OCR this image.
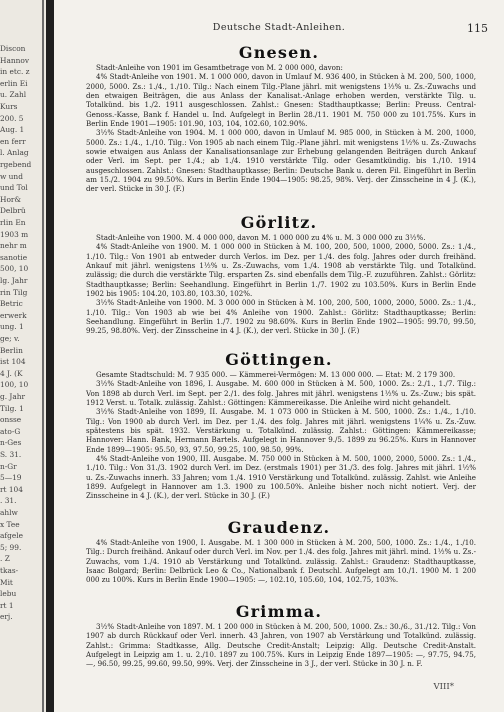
Discon
Hannov
in etc. z
erlin Ei
u. Zahl
Kurs
200. 5
Aug. 1
en ferr
l. Anlag
rgebend
w und
und Tol
Hor&
Delbrü
rlin En
1903 m
nehr m
sanotie
500, 10
lg. Jahr
rin Tilg
Betric
erwerk
ung. 1
ge; v.
Berlin
ist 104
4 J. (K
100, 10
g. Jahr
Tilg. 1
onsse
ato-G
n-Ges
S. 31.
n-Gr
5—19
rt 104
. 31.
ahlw
x Tee
afgele
5; 99.
. Z
tkas-
Mit
lebu
rt 1
erj.
Deutsche Stadt-Anleihen.	115
Gnesen.

Stadt-Anleihe von 1901 im Gesamtbetrage von M. 2 000 000, davon:

4% Stadt-Anleihe von 1901. M. 1 000 000, davon in Umlauf M. 936 400, in Stücken à M. 200, 500, 1000, 2000, 5000. Zs.: 1./4., 1./10. Tilg.: Nach einem Tilg.-Plane jährl. mit wenigstens 1½% u. Zs.-Zuwachs und den etwaigen Beiträgen, die aus Anlass der Kanalisat.-Anlage erhoben werden, verstärkte Tilg. u. Totalkünd. bis 1./2. 1911 ausgeschlossen. Zahlst.: Gnesen: Stadthauptkasse; Berlin: Preuss. Central-Genoss.-Kasse, Bank f. Handel u. Ind. Aufgelegt in Berlin 28./11. 1901 M. 750 000 zu 101.75%. Kurs in Berlin Ende 1901—1905: 101.90, 103, 104, 102.60, 102.90%.

3½% Stadt-Anleihe von 1904. M. 1 000 000, davon in Umlauf M. 985 000, in Stücken à M. 200, 1000, 5000. Zs.: 1./4., 1./10. Tilg.: Von 1905 ab nach einem Tilg.-Plane jährl. mit wenigstens 1½% u. Zs.-Zuwachs sowie etwaigen aus Anlass der Kanalisationsanlage zur Erhebung gelangenden Beiträgen durch Ankauf oder Verl. im Sept. per 1./4.; ab 1./4. 1910 verstärkte Tilg. oder Gesamtkündig. bis 1./10. 1914 ausgeschlossen. Zahlst.: Gnesen: Stadthauptkasse; Berlin: Deutsche Bank u. deren Fil. Eingeführt in Berlin am 15./2. 1904 zu 99.50%. Kurs in Berlin Ende 1904—1905: 98.25, 98%. Verj. der Zinsscheine in 4 J. (K.), der verl. Stücke in 30 J. (F.)

Görlitz.

Stadt-Anleihe von 1900. M. 4 000 000, davon M. 1 000 000 zu 4% u. M. 3 000 000 zu 3½%.

4% Stadt-Anleihe von 1900. M. 1 000 000 in Stücken à M. 100, 200, 500, 1000, 2000, 5000. Zs.: 1./4., 1./10. Tilg.: Von 1901 ab entweder durch Verlos. im Dez. per 1./4. des folg. Jahres oder durch freihänd. Ankauf mit jährl. wenigstens 1½% u. Zs.-Zuwachs, vom 1./4. 1908 ab verstärkte Tilg. und Totalkünd. zulässig; die durch die verstärkte Tilg. ersparten Zs. sind ebenfalls dem Tilg.-F. zuzuführen. Zahlst.: Görlitz: Stadthauptkasse; Berlin: Seehandlung. Eingeführt in Berlin 1./7. 1902 zu 103.50%. Kurs in Berlin Ende 1902 bis 1905: 104.20, 103.80, 103.30, 102%.

3½% Stadt-Anleihe von 1900. M. 3 000 000 in Stücken à M. 100, 200, 500, 1000, 2000, 5000. Zs.: 1./4., 1./10. Tilg.: Von 1903 ab wie bei 4% Anleihe von 1900. Zahlst.: Görlitz: Stadthauptkasse; Berlin: Seehandlung. Eingeführt in Berlin 1./7. 1902 zu 98.60%. Kurs in Berlin Ende 1902—1905: 99.70, 99.50, 99.25, 98.80%. Verj. der Zinsscheine in 4 J. (K.), der verl. Stücke in 30 J. (F.)

Göttingen.

Gesamte Stadtschuld: M. 7 935 000. — Kämmerei-Vermögen: M. 13 000 000. — Etat: M. 2 179 300.

3½% Stadt-Anleihe von 1896, I. Ausgabe. M. 600 000 in Stücken à M. 500, 1000. Zs.: 2./1., 1./7. Tilg.: Von 1898 ab durch Verl. im Sept. per 2./1. des folg. Jahres mit jährl. wenigstens 1½% u. Zs.-Zuw.; bis spät. 1912 Verst. u. Totalk. zulässig. Zahlst.: Göttingen: Kämmereikasse. Die Anleihe wird nicht gehandelt.

3½% Stadt-Anleihe von 1899, II. Ausgabe. M. 1 073 000 in Stücken à M. 500, 1000. Zs.: 1./4., 1./10. Tilg.: Von 1900 ab durch Verl. im Dez. per 1./4. des folg. Jahres mit jährl. wenigstens 1¼% u. Zs.-Zuw. spätestens bis spät. 1932. Verstärkung u. Totalkünd. zulässig. Zahlst.: Göttingen: Kämmereikasse; Hannover: Hann. Bank, Hermann Bartels. Aufgelegt in Hannover 9./5. 1899 zu 96.25%. Kurs in Hannover Ende 1899—1905: 95.50, 93, 97.50, 99.25, 100, 98.50, 99%.

4% Stadt-Anleihe von 1900, III. Ausgabe. M. 750 000 in Stücken à M. 500, 1000, 2000, 5000. Zs.: 1./4., 1./10. Tilg.: Von 31./3. 1902 durch Verl. im Dez. (erstmals 1901) per 31./3. des folg. Jahres mit jährl. 1½% u. Zs.-Zuwachs innerh. 33 Jahren; vom 1./4. 1910 Verstärkung und Totalkünd. zulässig. Zahlst. wie Anleihe 1899. Aufgelegt in Hannover am 1.3. 1900 zu 100.50%. Anleihe bisher noch nicht notiert. Verj. der Zinsscheine in 4 J. (K.), der verl. Stücke in 30 J. (F.)

Graudenz.

4% Stadt-Anleihe von 1900, I. Ausgabe. M. 1 300 000 in Stücken à M. 200, 500, 1000. Zs.: 1./4., 1./10. Tilg.: Durch freihänd. Ankauf oder durch Verl. im Nov. per 1./4. des folg. Jahres mit jährl. mind. 1½% u. Zs.-Zuwachs, vom 1./4. 1910 ab Verstärkung und Totalkünd. zulässig. Zahlst.: Graudenz: Stadthauptkasse, Isaac Bolgard; Berlin: Delbrück Leo & Co., Nationalbank f. Deutschl. Aufgelegt am 10./1. 1900 M. 1 200 000 zu 100%. Kurs in Berlin Ende 1900—1905: —, 102.10, 105.60, 104, 102.75, 103%.

Grimma.

3½% Stadt-Anleihe von 1897. M. 1 200 000 in Stücken à M. 200, 500, 1000. Zs.: 30./6., 31./12. Tilg.: Von 1907 ab durch Rückkauf oder Verl. innerh. 43 Jahren, von 1907 ab Verstärkung und Totalkünd. zulässig. Zahlst.: Grimma: Stadtkasse, Allg. Deutsche Credit-Anstalt; Leipzig: Allg. Deutsche Credit-Anstalt. Aufgelegt in Leipzig am 1. u. 2./10. 1897 zu 100.75%. Kurs in Leipzig Ende 1897—1905: —, 97.75, 94.75, —, 96.50, 99.25, 99.60, 99.50, 99%. Verj. der Zinsscheine in 3 J., der verl. Stücke in 30 J. n. F.

VIII*
